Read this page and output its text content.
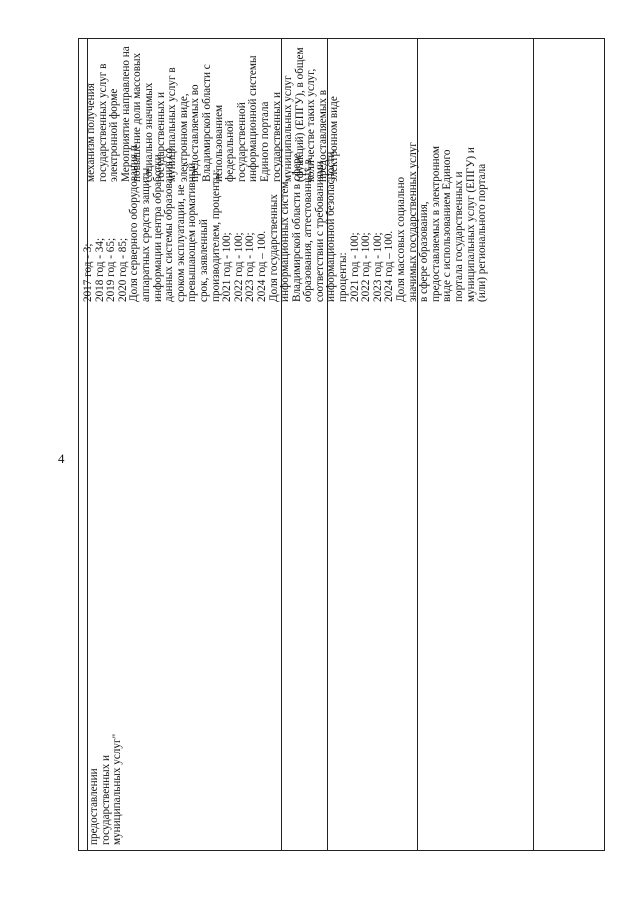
4

предоставлении государственных и муниципальных услуг"

2017 год - 3; 2018 год - 34; 2019 год - 65; 2020 год - 85; Доля серверного оборудования и аппаратных средств защиты информации центра обработки данных системы образования со сроком эксплуатации, не превышающем нормативный срок, заявленный производителем, проценты: 2021 год - 100; 2022 год - 100; 2023 год - 100; 2024 год – 100. Доля государственных информационных систем Владимирской области в сфере образования, аттестованных в соответствии с требованиями информационной безопасности, проценты: 2021 год - 100; 2022 год - 100; 2023 год - 100; 2024 год – 100. Доля массовых социально значимых государственных услуг в сфере образования, предоставляемых в электронном виде с использованием Единого портала государственных и муниципальных услуг (ЕПГУ) и (или) регионального портала

механизм получения государственных услуг в электронной форме Мероприятие направлено на повышение доли массовых социально значимых государственных и муниципальных услуг в электронном виде, предоставляемых во Владимирской области с использованием федеральной государственной информационной системы Единого портала государственных и муниципальных услуг (функций) (ЕПГУ), в общем количестве таких услуг, предоставляемых в электронном виде
